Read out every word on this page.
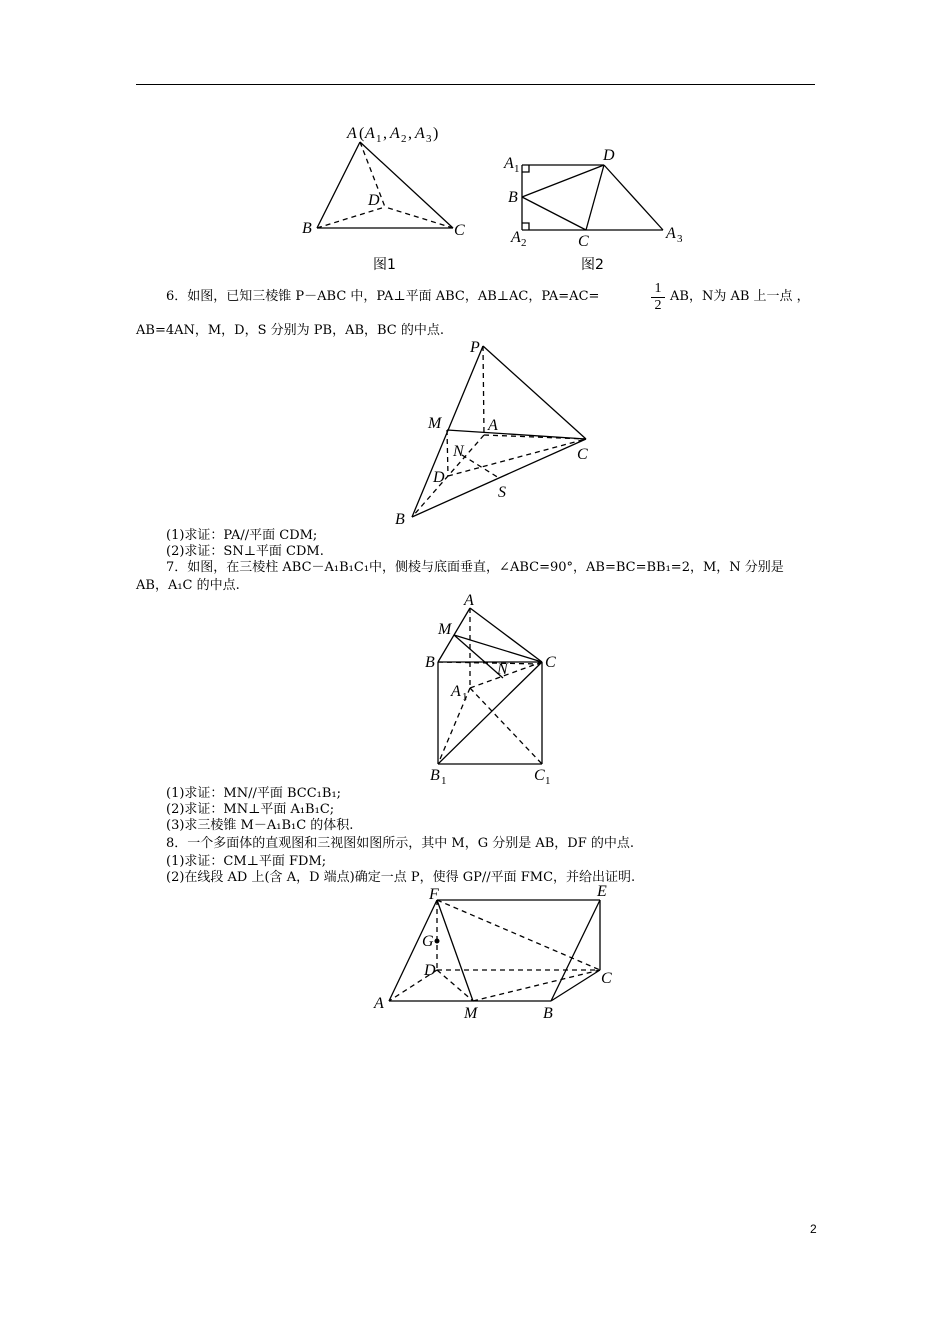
A ( A 1 , A 2 , A 3 )
B	C
D
图1
A 1
D
B
A 2	C	A 3
图2
6．如图，已知三棱锥 P－ABC 中，PA⊥平面 ABC，AB⊥AC，PA=AC=	$\frac{1}{2}$ AB，N为 AB 上一点 ，
AB=4AN，M，D，S 分别为 PB，AB，BC 的中点.
P
M	A
N	C
D
S
B
(1)求证：PA//平面 CDM;
(2)求证：SN⊥平面 CDM.
7．如图，在三棱柱 ABC－A₁B₁C₁中，侧棱与底面垂直，∠ABC=90°，AB=BC=BB₁=2，M，N 分别是
AB，A₁C 的中点.
A
M
B	C
N
A 1
B 1	C 1
(1)求证：MN//平面 BCC₁B₁;
(2)求证：MN⊥平面 A₁B₁C;
(3)求三棱锥 M－A₁B₁C 的体积.
8．一个多面体的直观图和三视图如图所示，其中 M，G 分别是 AB，DF 的中点.
(1)求证：CM⊥平面 FDM;
(2)在线段 AD 上(含 A，D 端点)确定一点 P，使得 GP//平面 FMC，并给出证明.
F	E
G
D	C
A
M	B
2
